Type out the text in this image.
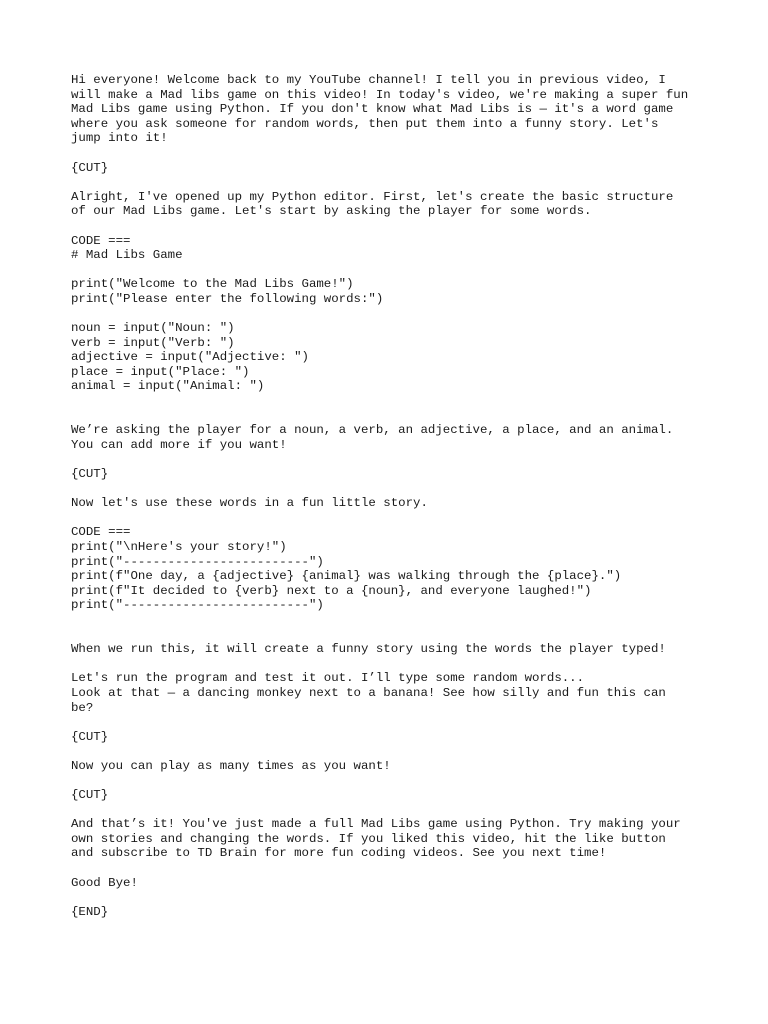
Hi everyone! Welcome back to my YouTube channel! I tell you in previous video, I
will make a Mad libs game on this video! In today's video, we're making a super fun
Mad Libs game using Python. If you don't know what Mad Libs is — it's a word game
where you ask someone for random words, then put them into a funny story. Let's
jump into it!
{CUT}
Alright, I've opened up my Python editor. First, let's create the basic structure
of our Mad Libs game. Let's start by asking the player for some words.
CODE ===
# Mad Libs Game
print("Welcome to the Mad Libs Game!")
print("Please enter the following words:")
noun = input("Noun: ")
verb = input("Verb: ")
adjective = input("Adjective: ")
place = input("Place: ")
animal = input("Animal: ")
We’re asking the player for a noun, a verb, an adjective, a place, and an animal.
You can add more if you want!
{CUT}
Now let's use these words in a fun little story.
CODE ===
print("\nHere's your story!")
print("-------------------------")
print(f"One day, a {adjective} {animal} was walking through the {place}.")
print(f"It decided to {verb} next to a {noun}, and everyone laughed!")
print("-------------------------")
When we run this, it will create a funny story using the words the player typed!
Let's run the program and test it out. I’ll type some random words...
Look at that — a dancing monkey next to a banana! See how silly and fun this can
be?
{CUT}
Now you can play as many times as you want!
{CUT}
And that’s it! You've just made a full Mad Libs game using Python. Try making your
own stories and changing the words. If you liked this video, hit the like button
and subscribe to TD Brain for more fun coding videos. See you next time!
Good Bye!
{END}
